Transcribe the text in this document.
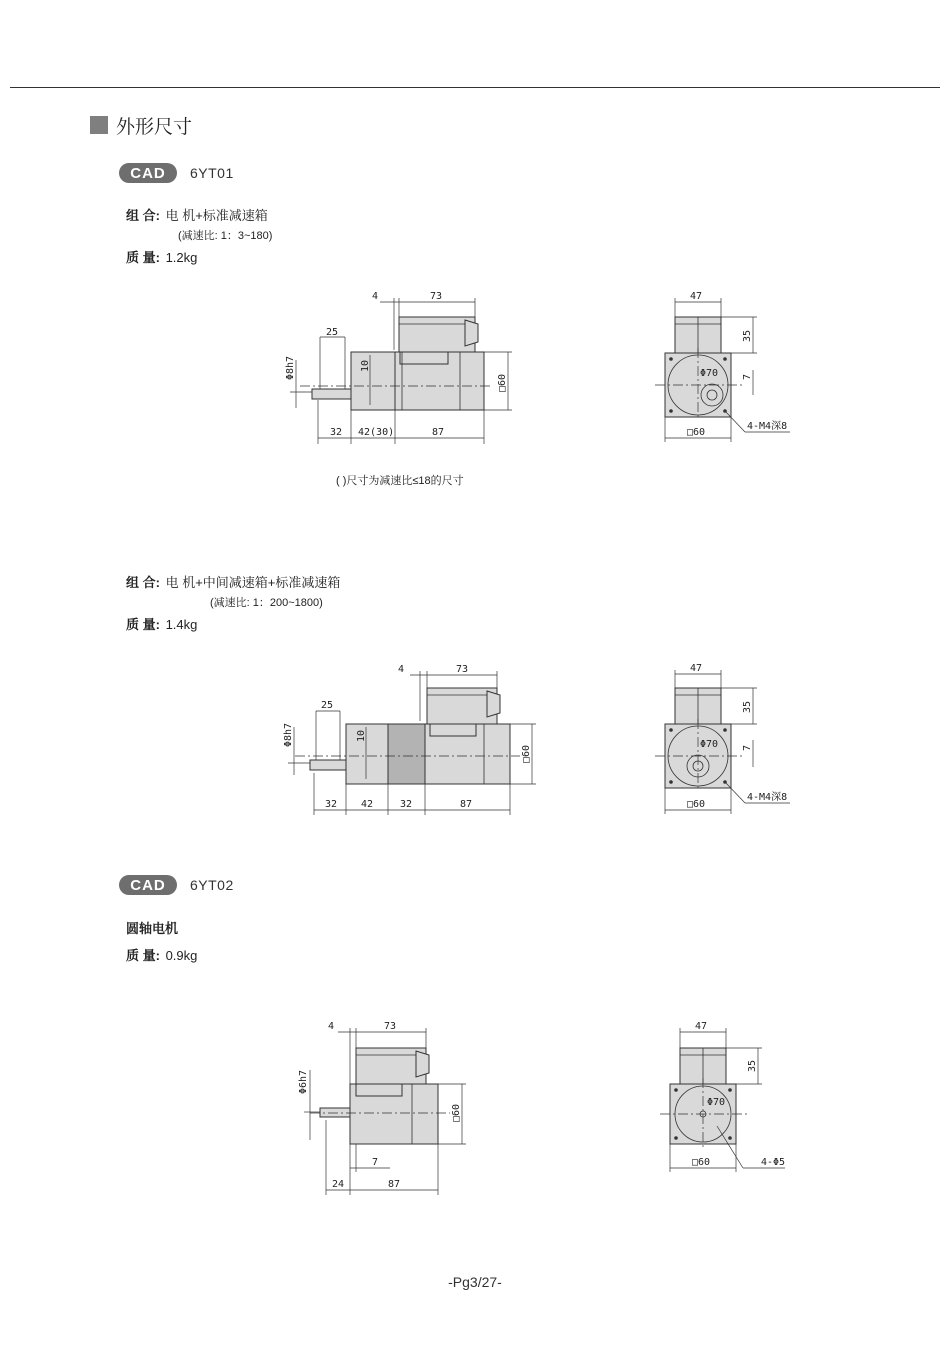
外形尺寸
CAD	6YT01
组 合: 电 机+标准减速箱
(减速比: 1：3~180)
质 量: 1.2kg
4	73
25
10
Φ8h7
□60
32 42(30)	87
47
35
7
Φ70
□60
4-M4深8
( )尺寸为减速比≤18的尺寸
组 合: 电 机+中间减速箱+标准减速箱
(减速比: 1：200~1800)
质 量: 1.4kg
4	73
25
10
Φ8h7
□60
32 42	32	87
47
35
7
Φ70
□60
4-M4深8
CAD	6YT02
圆轴电机
质 量: 0.9kg
4	73
Φ6h7
□60
7
24	87
47
35
Φ70
□60	4-Φ5
-Pg3/27-
